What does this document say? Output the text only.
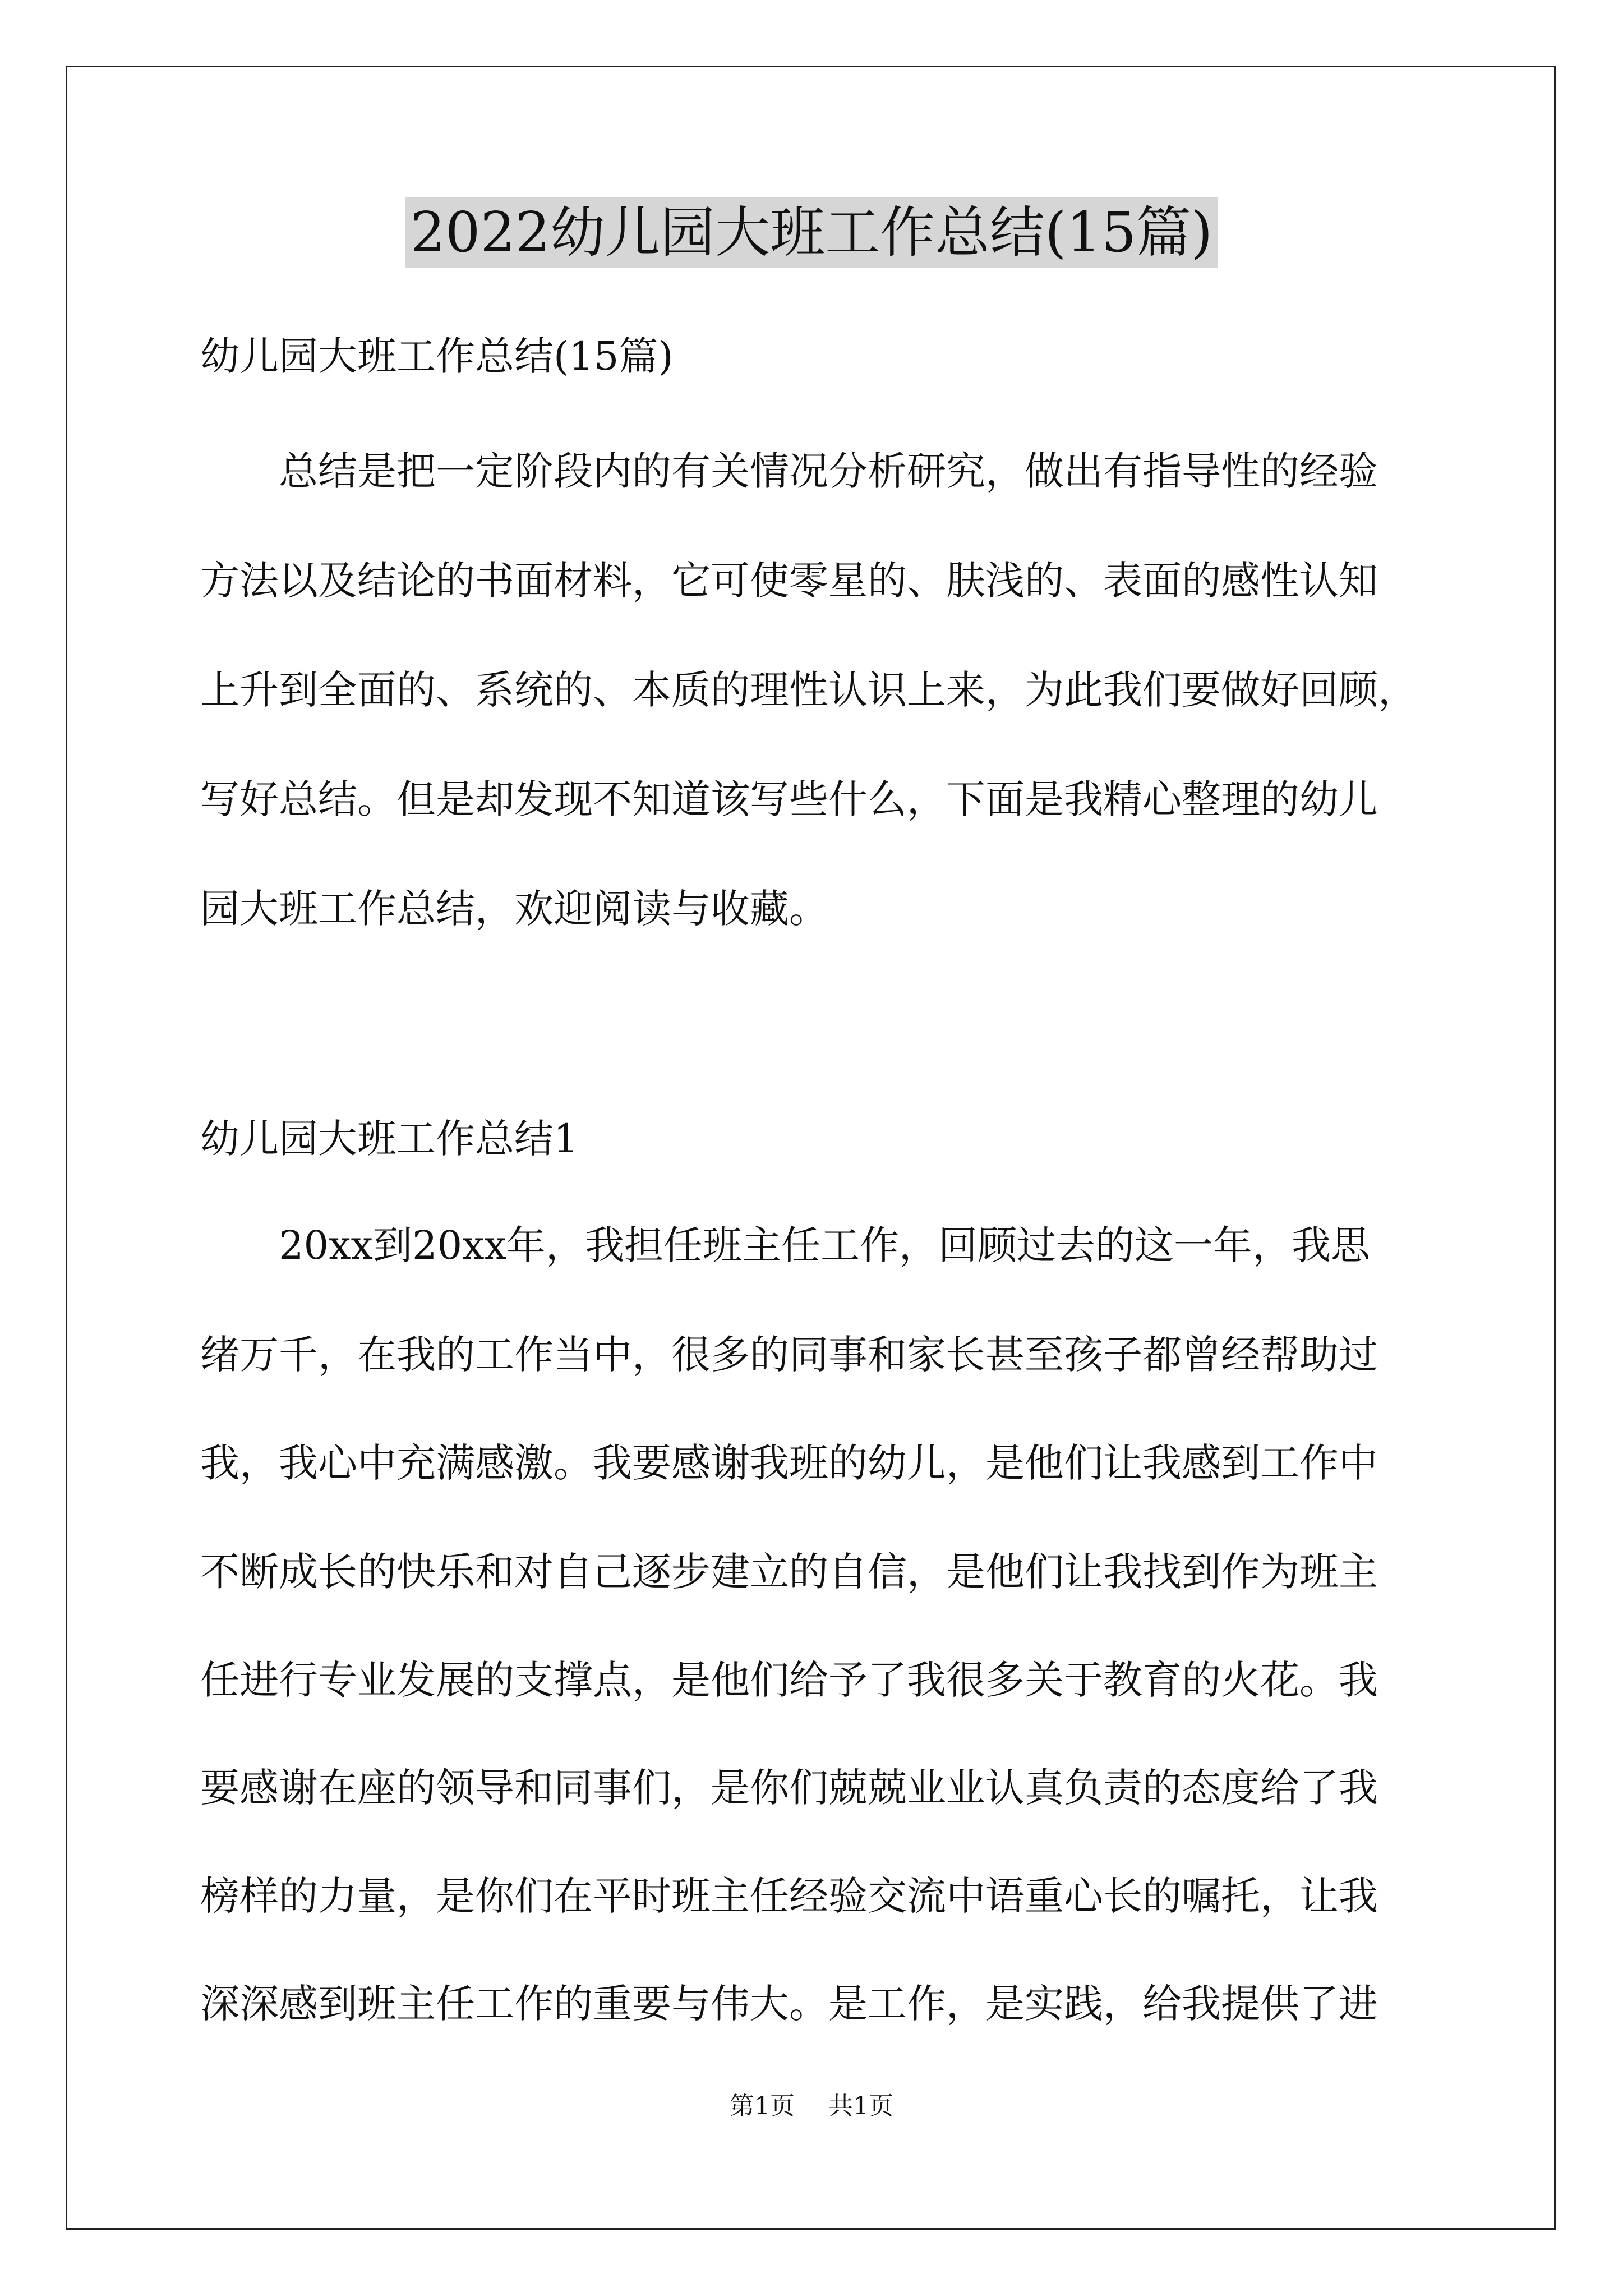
2022幼儿园大班工作总结(15篇)

幼儿园大班工作总结(15篇)

　　总结是把一定阶段内的有关情况分析研究，做出有指导性的经验

方法以及结论的书面材料，它可使零星的、肤浅的、表面的感性认知

上升到全面的、系统的、本质的理性认识上来，为此我们要做好回顾，

写好总结。但是却发现不知道该写些什么，下面是我精心整理的幼儿

园大班工作总结，欢迎阅读与收藏。

幼儿园大班工作总结1

　　20xx到20xx年，我担任班主任工作，回顾过去的这一年，我思

绪万千，在我的工作当中，很多的同事和家长甚至孩子都曾经帮助过

我，我心中充满感激。我要感谢我班的幼儿，是他们让我感到工作中

不断成长的快乐和对自己逐步建立的自信，是他们让我找到作为班主

任进行专业发展的支撑点，是他们给予了我很多关于教育的火花。我

要感谢在座的领导和同事们，是你们兢兢业业认真负责的态度给了我

榜样的力量，是你们在平时班主任经验交流中语重心长的嘱托，让我

深深感到班主任工作的重要与伟大。是工作，是实践，给我提供了进

第1页 共1页
